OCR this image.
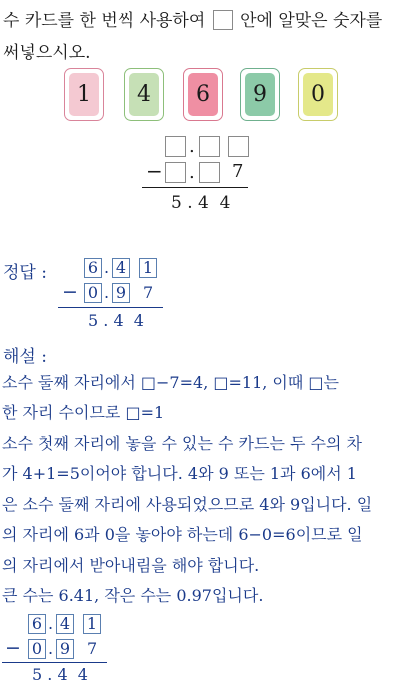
수 카드를 한 번씩 사용하여 안에 알맞은 숫자를
써넣으시오.
1 4 6 9 0
.
− . 7
5 . 4  4
정답 :	6 . 4 1
− 0 . 9 7
5 . 4  4
해설 :
소수 둘째 자리에서 □−7=4, □=11, 이때 □는
한 자리 수이므로 □=1
소수 첫째 자리에 놓을 수 있는 수 카드는 두 수의 차
가 4+1=5이어야 합니다. 4와 9 또는 1과 6에서 1
은 소수 둘째 자리에 사용되었으므로 4와 9입니다. 일
의 자리에 6과 0을 놓아야 하는데 6−0=6이므로 일
의 자리에서 받아내림을 해야 합니다.
큰 수는 6.41, 작은 수는 0.97입니다.
6 . 4 1
− 0 . 9 7
5 . 4  4
